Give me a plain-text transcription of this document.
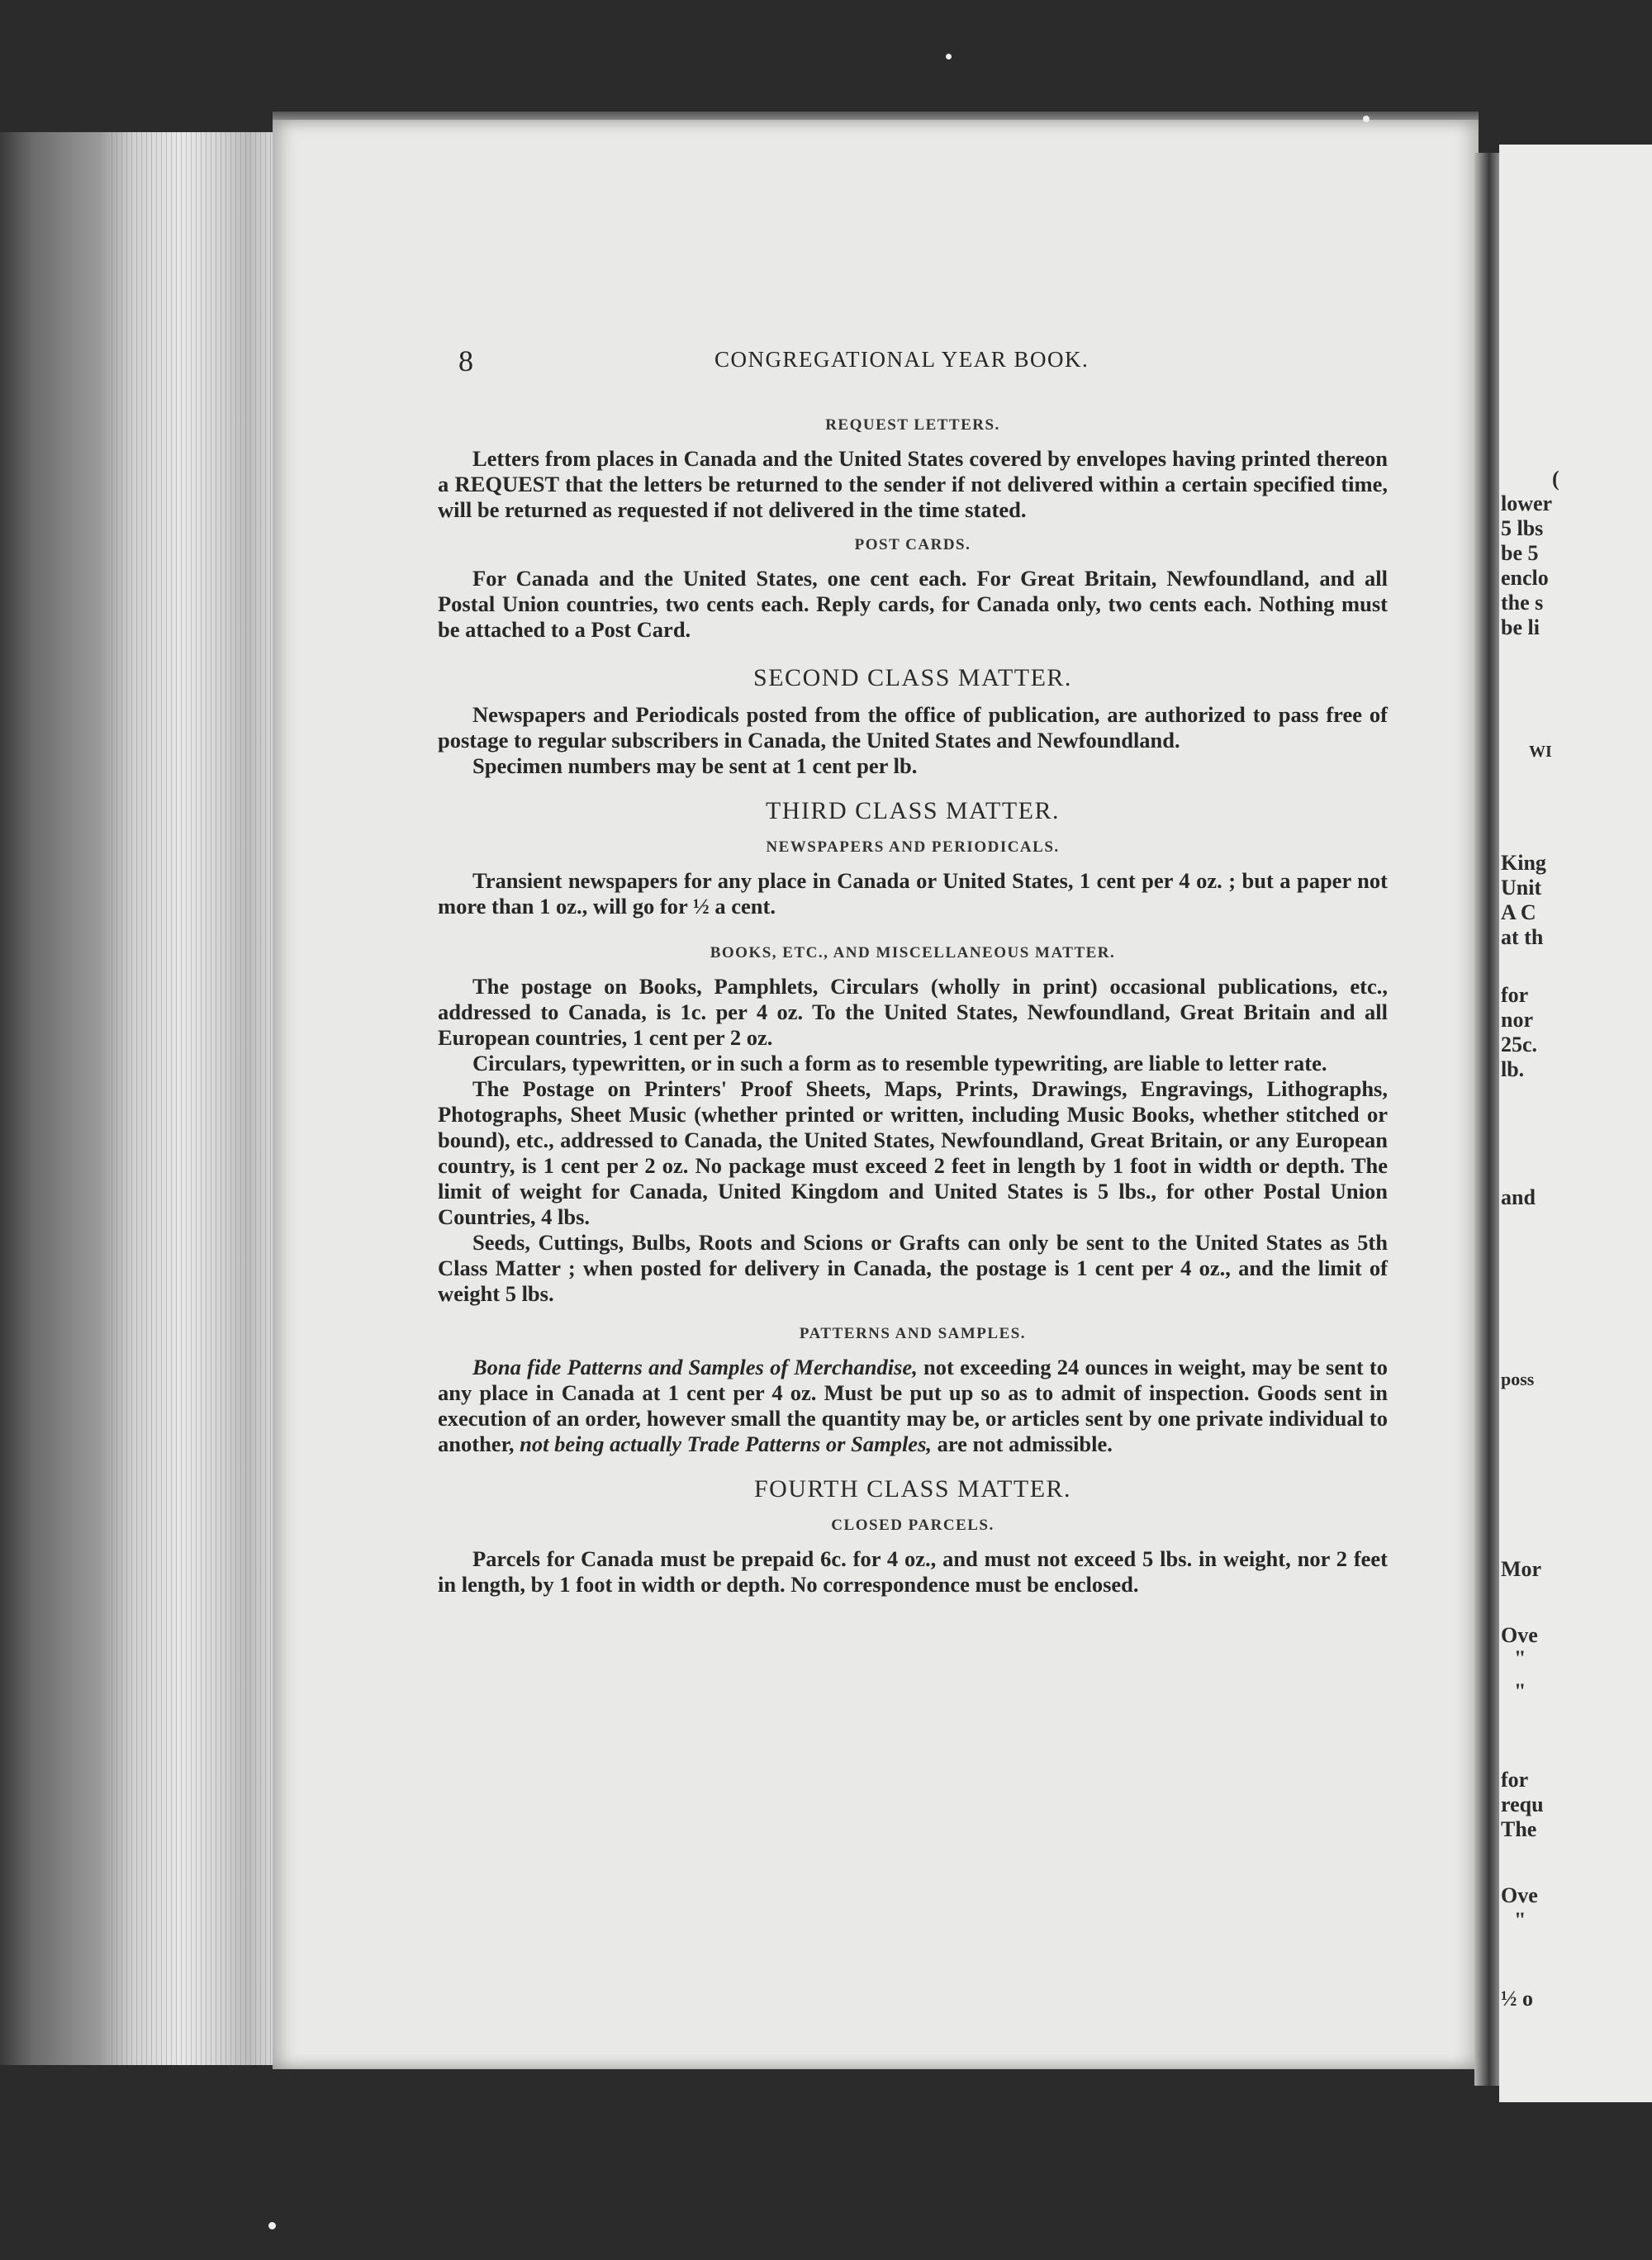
(
lower
5 lbs
be 5
enclo
the s
be li
WI
King
Unit
A C
at th
for
nor
25c.
lb.
and
poss
Mor
Ove
"
"
for
requ
The
Ove
"
½ o
8	CONGREGATIONAL YEAR BOOK.
REQUEST LETTERS.

Letters from places in Canada and the United States covered by envelopes having printed thereon a REQUEST that the letters be returned to the sender if not delivered within a certain specified time, will be returned as requested if not delivered in the time stated.

POST CARDS.

For Canada and the United States, one cent each. For Great Britain, Newfoundland, and all Postal Union countries, two cents each. Reply cards, for Canada only, two cents each. Nothing must be attached to a Post Card.

SECOND CLASS MATTER.

Newspapers and Periodicals posted from the office of publication, are authorized to pass free of postage to regular subscribers in Canada, the United States and Newfoundland.

Specimen numbers may be sent at 1 cent per lb.

THIRD CLASS MATTER.
NEWSPAPERS AND PERIODICALS.

Transient newspapers for any place in Canada or United States, 1 cent per 4 oz. ; but a paper not more than 1 oz., will go for ½ a cent.

BOOKS, ETC., AND MISCELLANEOUS MATTER.

The postage on Books, Pamphlets, Circulars (wholly in print) occasional publications, etc., addressed to Canada, is 1c. per 4 oz. To the United States, Newfoundland, Great Britain and all European countries, 1 cent per 2 oz.

Circulars, typewritten, or in such a form as to resemble typewriting, are liable to letter rate.

The Postage on Printers' Proof Sheets, Maps, Prints, Drawings, Engravings, Lithographs, Photographs, Sheet Music (whether printed or written, including Music Books, whether stitched or bound), etc., addressed to Canada, the United States, Newfoundland, Great Britain, or any European country, is 1 cent per 2 oz. No package must exceed 2 feet in length by 1 foot in width or depth. The limit of weight for Canada, United Kingdom and United States is 5 lbs., for other Postal Union Countries, 4 lbs.

Seeds, Cuttings, Bulbs, Roots and Scions or Grafts can only be sent to the United States as 5th Class Matter ; when posted for delivery in Canada, the postage is 1 cent per 4 oz., and the limit of weight 5 lbs.

PATTERNS AND SAMPLES.

Bona fide Patterns and Samples of Merchandise, not exceeding 24 ounces in weight, may be sent to any place in Canada at 1 cent per 4 oz. Must be put up so as to admit of inspection. Goods sent in execution of an order, however small the quantity may be, or articles sent by one private individual to another, not being actually Trade Patterns or Samples, are not admissible.

FOURTH CLASS MATTER.
CLOSED PARCELS.

Parcels for Canada must be prepaid 6c. for 4 oz., and must not exceed 5 lbs. in weight, nor 2 feet in length, by 1 foot in width or depth. No correspondence must be enclosed.
